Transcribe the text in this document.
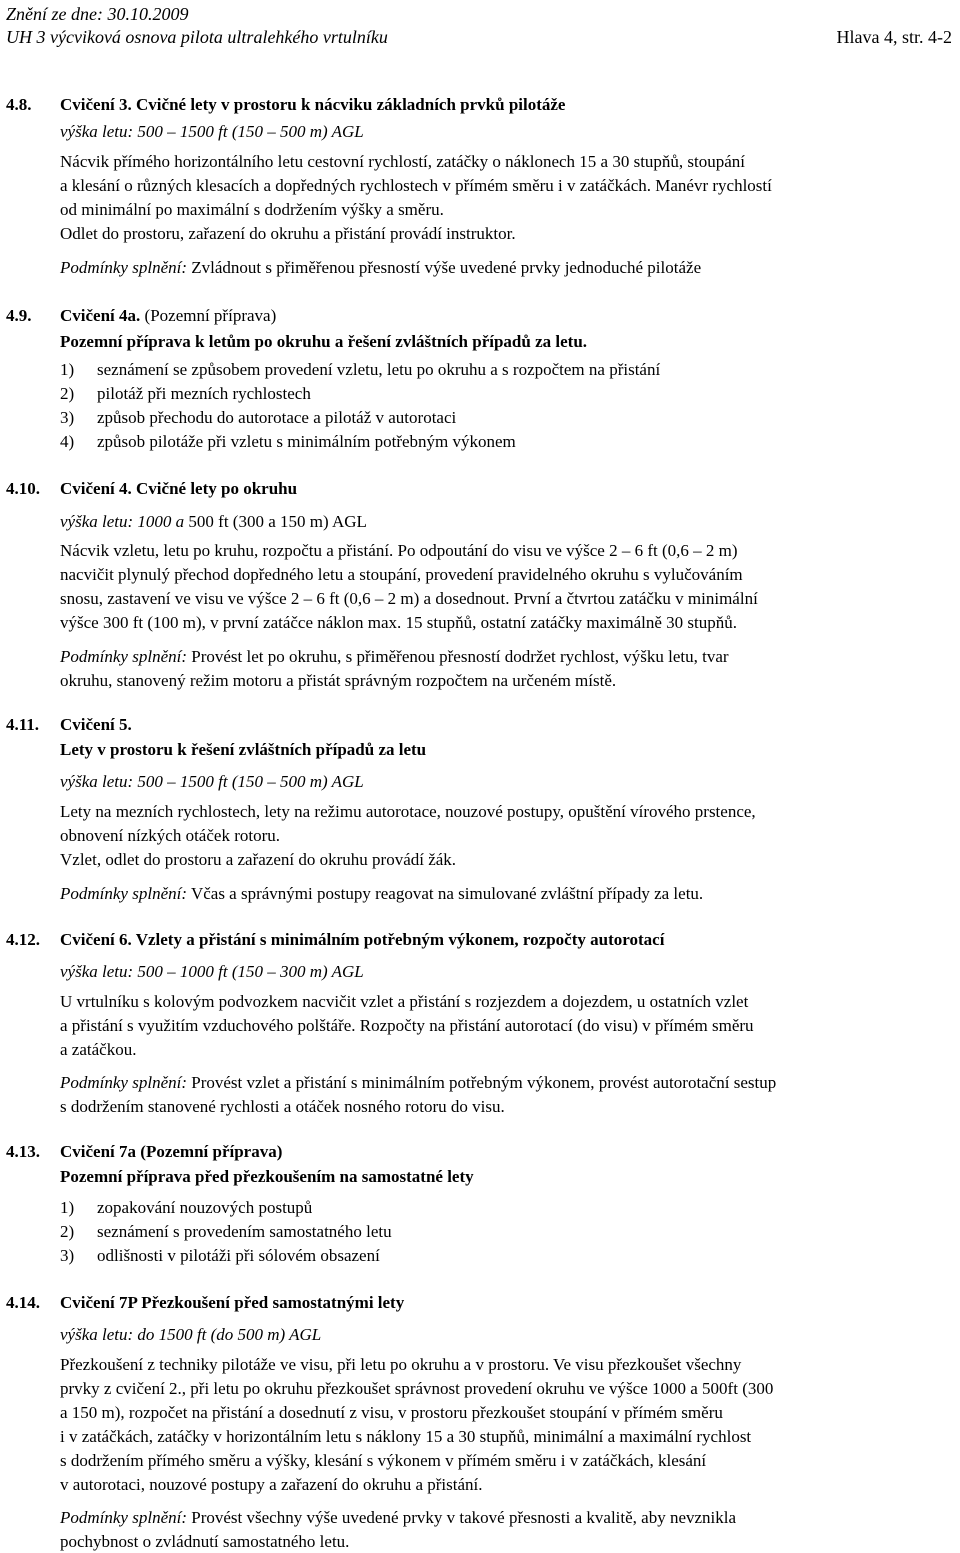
Znění ze dne: 30.10.2009
UH 3 výcviková osnova pilota ultralehkého vrtulníku	Hlava 4, str. 4-2
4.8. Cvičení 3. Cvičné lety v prostoru k nácviku základních prvků pilotáže
výška letu: 500 – 1500 ft (150 – 500 m) AGL
Nácvik přímého horizontálního letu cestovní rychlostí, zatáčky o náklonech 15 a 30 stupňů, stoupání
a klesání o různých klesacích a dopředných rychlostech v přímém směru i v zatáčkách. Manévr rychlostí
od minimální po maximální s dodržením výšky a směru.
Odlet do prostoru, zařazení do okruhu a přistání provádí instruktor.
Podmínky splnění: Zvládnout s přiměřenou přesností výše uvedené prvky jednoduché pilotáže
4.9. Cvičení 4a. (Pozemní příprava)
Pozemní příprava k letům po okruhu a řešení zvláštních případů za letu.
1) seznámení se způsobem provedení vzletu, letu po okruhu a s rozpočtem na přistání
2) pilotáž při mezních rychlostech
3) způsob přechodu do autorotace a pilotáž v autorotaci
4) způsob pilotáže při vzletu s minimálním potřebným výkonem
4.10. Cvičení 4. Cvičné lety po okruhu
výška letu: 1000 a 500 ft (300 a 150 m) AGL
Nácvik vzletu, letu po kruhu, rozpočtu a přistání. Po odpoutání do visu ve výšce 2 – 6 ft (0,6 – 2 m)
nacvičit plynulý přechod dopředného letu a stoupání, provedení pravidelného okruhu s vylučováním
snosu, zastavení ve visu ve výšce 2 – 6 ft (0,6 – 2 m) a dosednout. První a čtvrtou zatáčku v minimální
výšce 300 ft (100 m), v první zatáčce náklon max. 15 stupňů, ostatní zatáčky maximálně 30 stupňů.
Podmínky splnění: Provést let po okruhu, s přiměřenou přesností dodržet rychlost, výšku letu, tvar
okruhu, stanovený režim motoru a přistát správným rozpočtem na určeném místě.
4.11. Cvičení 5.
Lety v prostoru k řešení zvláštních případů za letu
výška letu: 500 – 1500 ft (150 – 500 m) AGL
Lety na mezních rychlostech, lety na režimu autorotace, nouzové postupy, opuštění vírového prstence,
obnovení nízkých otáček rotoru.
Vzlet, odlet do prostoru a zařazení do okruhu provádí žák.
Podmínky splnění: Včas a správnými postupy reagovat na simulované zvláštní případy za letu.
4.12. Cvičení 6. Vzlety a přistání s minimálním potřebným výkonem, rozpočty autorotací
výška letu: 500 – 1000 ft (150 – 300 m) AGL
U vrtulníku s kolovým podvozkem nacvičit vzlet a přistání s rozjezdem a dojezdem, u ostatních vzlet
a přistání s využitím vzduchového polštáře. Rozpočty na přistání autorotací (do visu) v přímém směru
a zatáčkou.
Podmínky splnění: Provést vzlet a přistání s minimálním potřebným výkonem, provést autorotační sestup
s dodržením stanovené rychlosti a otáček nosného rotoru do visu.
4.13. Cvičení 7a (Pozemní příprava)
Pozemní příprava před přezkoušením na samostatné lety
1) zopakování nouzových postupů
2) seznámení s provedením samostatného letu
3) odlišnosti v pilotáži při sólovém obsazení
4.14. Cvičení 7P Přezkoušení před samostatnými lety
výška letu: do 1500 ft (do 500 m) AGL
Přezkoušení z techniky pilotáže ve visu, při letu po okruhu a v prostoru. Ve visu přezkoušet všechny
prvky z cvičení 2., při letu po okruhu přezkoušet správnost provedení okruhu ve výšce 1000 a 500ft (300
a 150 m), rozpočet na přistání a dosednutí z visu, v prostoru přezkoušet stoupání v přímém směru
i v zatáčkách, zatáčky v horizontálním letu s náklony 15 a 30 stupňů, minimální a maximální rychlost
s dodržením přímého směru a výšky, klesání s výkonem v přímém směru i v zatáčkách, klesání
v autorotaci, nouzové postupy a zařazení do okruhu a přistání.
Podmínky splnění: Provést všechny výše uvedené prvky v takové přesnosti a kvalitě, aby nevznikla
pochybnost o zvládnutí samostatného letu.
